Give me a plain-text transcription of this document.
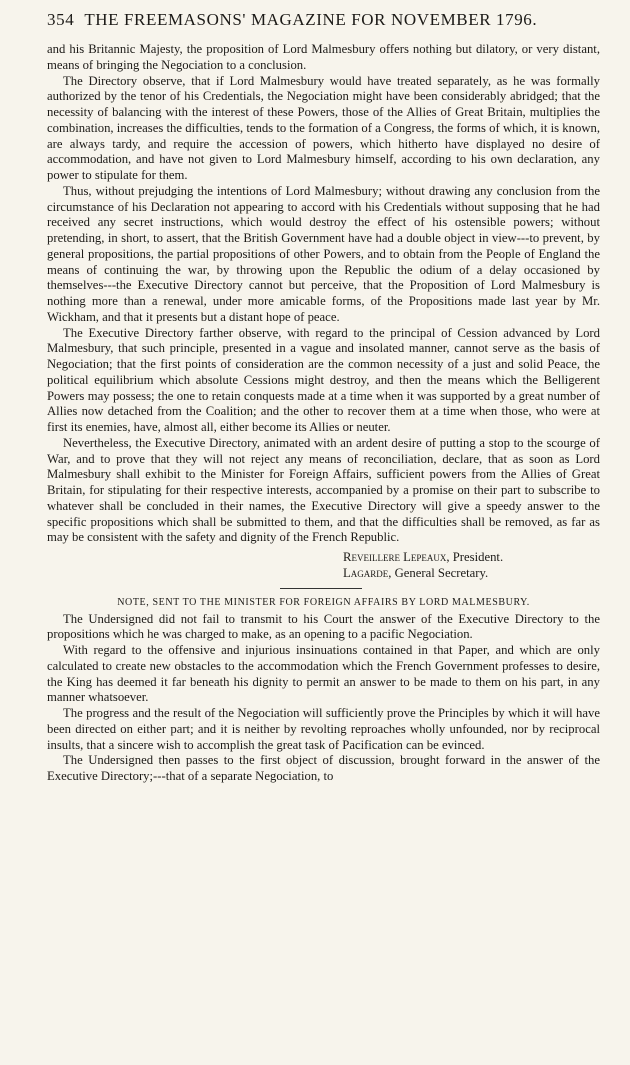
354 THE FREEMASONS' MAGAZINE FOR NOVEMBER 1796.

and his Britannic Majesty, the proposition of Lord Malmesbury offers nothing but dilatory, or very distant, means of bringing the Negociation to a conclusion.

The Directory observe, that if Lord Malmesbury would have treated separately, as he was formally authorized by the tenor of his Credentials, the Negociation might have been considerably abridged; that the necessity of balancing with the interest of these Powers, those of the Allies of Great Britain, multiplies the combination, increases the difficulties, tends to the formation of a Congress, the forms of which, it is known, are always tardy, and require the accession of powers, which hitherto have displayed no desire of accommodation, and have not given to Lord Malmesbury himself, according to his own declaration, any power to stipulate for them.

Thus, without prejudging the intentions of Lord Malmesbury; without drawing any conclusion from the circumstance of his Declaration not appearing to accord with his Credentials without supposing that he had received any secret instructions, which would destroy the effect of his ostensible powers; without pretending, in short, to assert, that the British Government have had a double object in view---to prevent, by general propositions, the partial propositions of other Powers, and to obtain from the People of England the means of continuing the war, by throwing upon the Republic the odium of a delay occasioned by themselves---the Executive Directory cannot but perceive, that the Proposition of Lord Malmesbury is nothing more than a renewal, under more amicable forms, of the Propositions made last year by Mr. Wickham, and that it presents but a distant hope of peace.

The Executive Directory farther observe, with regard to the principal of Cession advanced by Lord Malmesbury, that such principle, presented in a vague and insolated manner, cannot serve as the basis of Negociation; that the first points of consideration are the common necessity of a just and solid Peace, the political equilibrium which absolute Cessions might destroy, and then the means which the Belligerent Powers may possess; the one to retain conquests made at a time when it was supported by a great number of Allies now detached from the Coalition; and the other to recover them at a time when those, who were at first its enemies, have, almost all, either become its Allies or neuter.

Nevertheless, the Executive Directory, animated with an ardent desire of putting a stop to the scourge of War, and to prove that they will not reject any means of reconciliation, declare, that as soon as Lord Malmesbury shall exhibit to the Minister for Foreign Affairs, sufficient powers from the Allies of Great Britain, for stipulating for their respective interests, accompanied by a promise on their part to subscribe to whatever shall be concluded in their names, the Executive Directory will give a speedy answer to the specific propositions which shall be submitted to them, and that the difficulties shall be removed, as far as may be consistent with the safety and dignity of the French Republic.

Reveillere Lepeaux, President.
Lagarde, General Secretary.
NOTE, SENT TO THE MINISTER FOR FOREIGN AFFAIRS BY LORD MALMESBURY.

The Undersigned did not fail to transmit to his Court the answer of the Executive Directory to the propositions which he was charged to make, as an opening to a pacific Negociation.

With regard to the offensive and injurious insinuations contained in that Paper, and which are only calculated to create new obstacles to the accommodation which the French Government professes to desire, the King has deemed it far beneath his dignity to permit an answer to be made to them on his part, in any manner whatsoever.

The progress and the result of the Negociation will sufficiently prove the Principles by which it will have been directed on either part; and it is neither by revolting reproaches wholly unfounded, nor by reciprocal insults, that a sincere wish to accomplish the great task of Pacification can be evinced.

The Undersigned then passes to the first object of discussion, brought forward in the answer of the Executive Directory;---that of a separate Negociation, to
